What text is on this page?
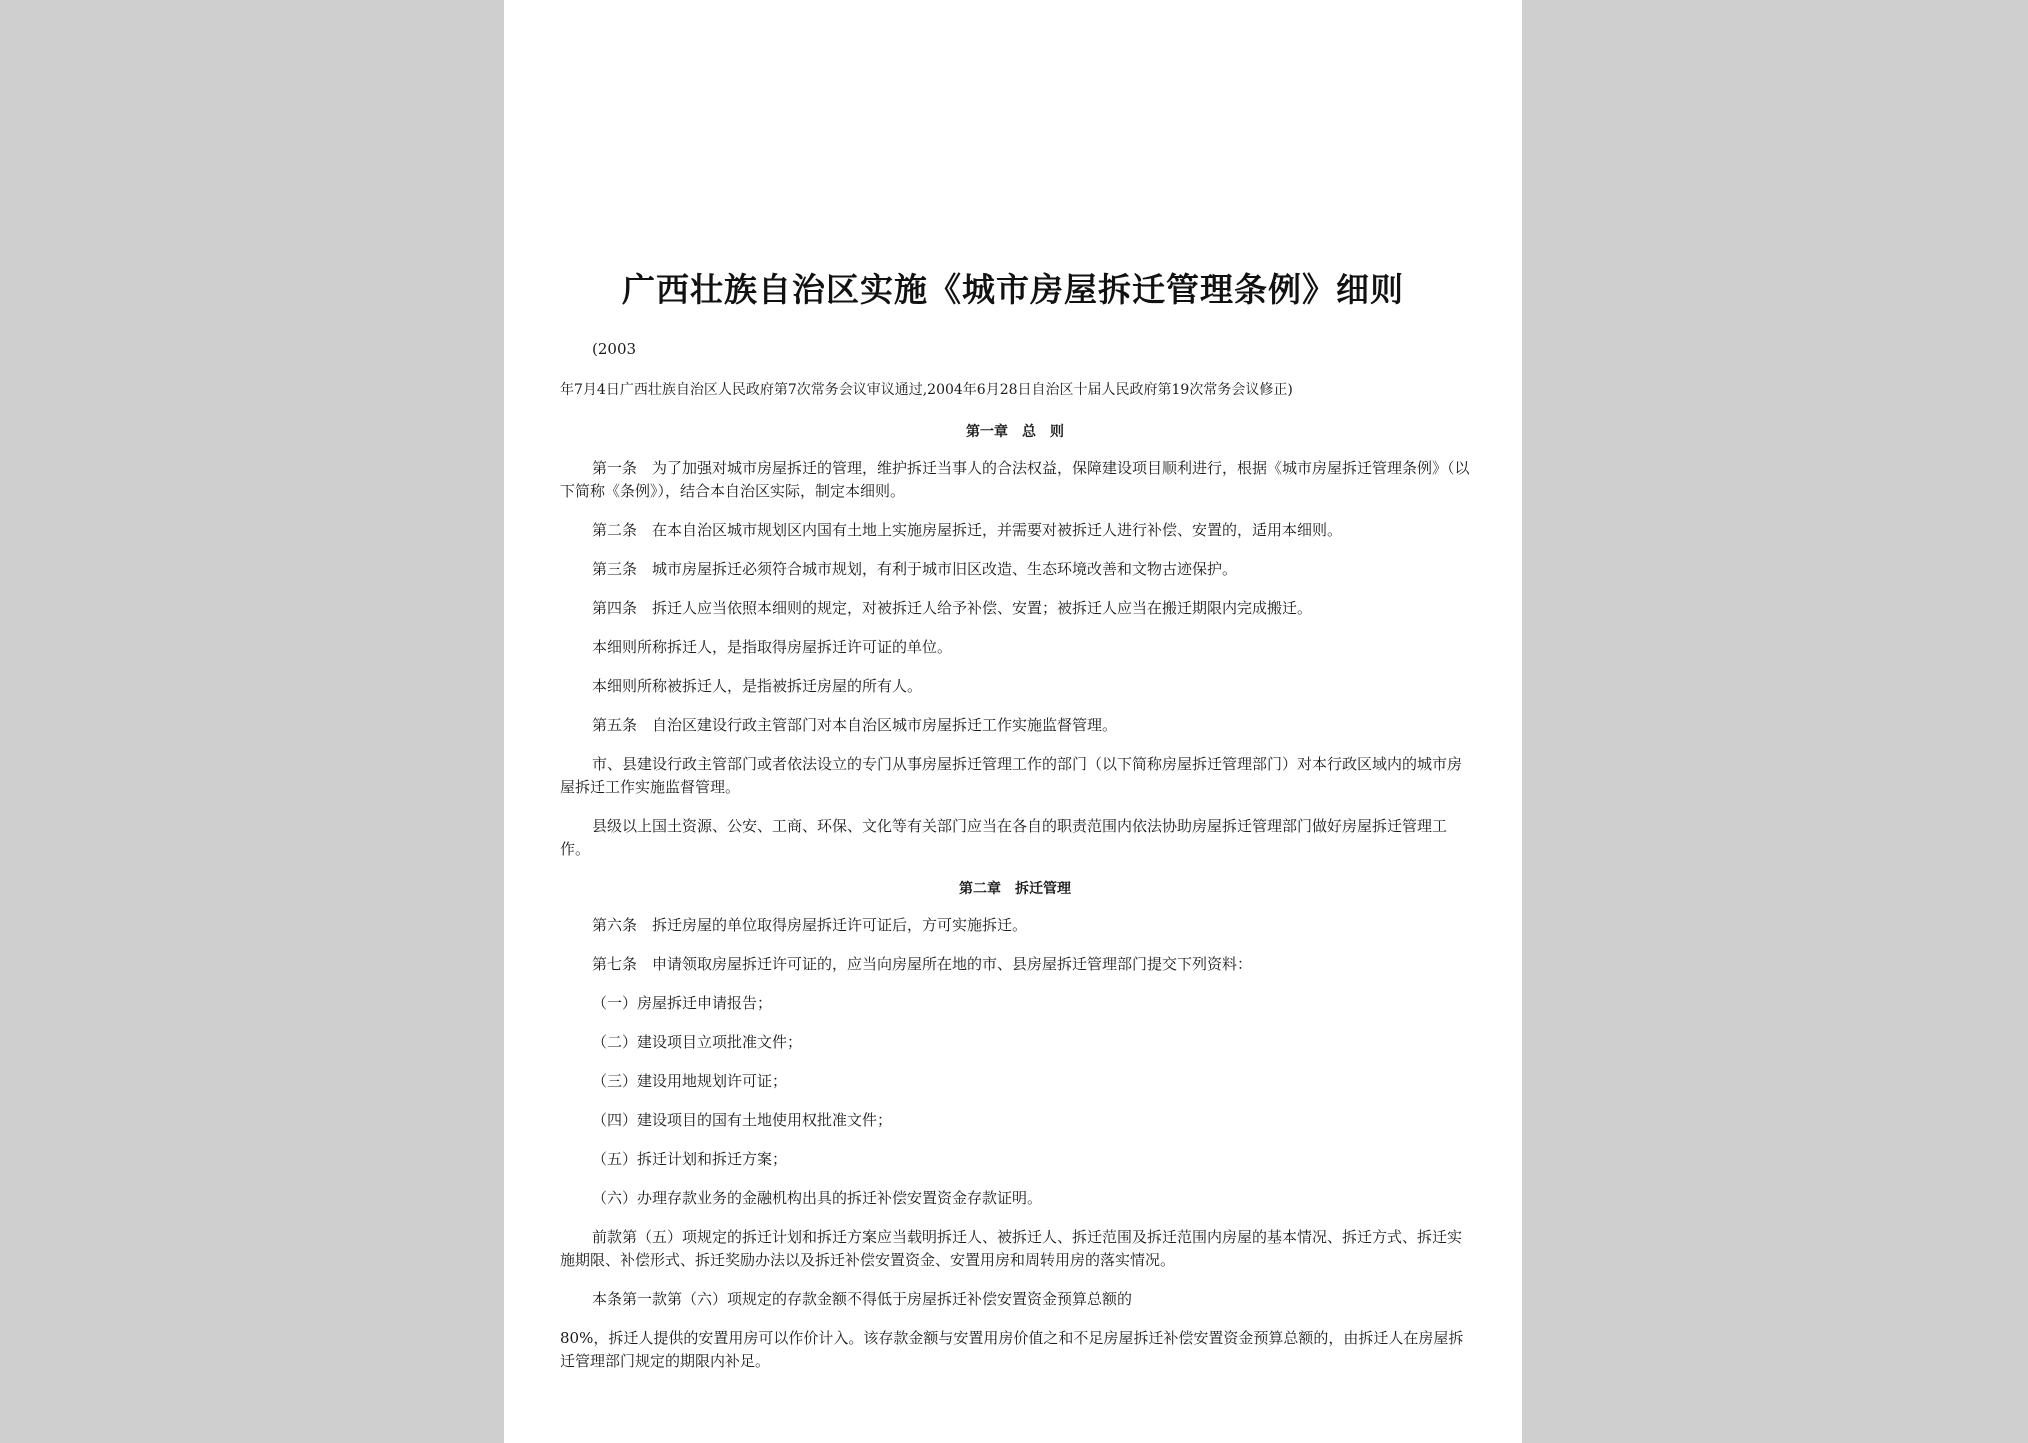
广西壮族自治区实施《城市房屋拆迁管理条例》细则
(2003
年7月4日广西壮族自治区人民政府第7次常务会议审议通过,2004年6月28日自治区十届人民政府第19次常务会议修正)
第一章　总　则
第一条　为了加强对城市房屋拆迁的管理，维护拆迁当事人的合法权益，保障建设项目顺利进行，根据《城市房屋拆迁管理条例》（以下简称《条例》），结合本自治区实际，制定本细则。
第二条　在本自治区城市规划区内国有土地上实施房屋拆迁，并需要对被拆迁人进行补偿、安置的，适用本细则。
第三条　城市房屋拆迁必须符合城市规划，有利于城市旧区改造、生态环境改善和文物古迹保护。
第四条　拆迁人应当依照本细则的规定，对被拆迁人给予补偿、安置；被拆迁人应当在搬迁期限内完成搬迁。
本细则所称拆迁人，是指取得房屋拆迁许可证的单位。
本细则所称被拆迁人，是指被拆迁房屋的所有人。
第五条　自治区建设行政主管部门对本自治区城市房屋拆迁工作实施监督管理。
市、县建设行政主管部门或者依法设立的专门从事房屋拆迁管理工作的部门（以下简称房屋拆迁管理部门）对本行政区域内的城市房屋拆迁工作实施监督管理。
县级以上国土资源、公安、工商、环保、文化等有关部门应当在各自的职责范围内依法协助房屋拆迁管理部门做好房屋拆迁管理工作。
第二章　拆迁管理
第六条　拆迁房屋的单位取得房屋拆迁许可证后，方可实施拆迁。
第七条　申请领取房屋拆迁许可证的，应当向房屋所在地的市、县房屋拆迁管理部门提交下列资料：
（一）房屋拆迁申请报告；
（二）建设项目立项批准文件；
（三）建设用地规划许可证；
（四）建设项目的国有土地使用权批准文件；
（五）拆迁计划和拆迁方案；
（六）办理存款业务的金融机构出具的拆迁补偿安置资金存款证明。
前款第（五）项规定的拆迁计划和拆迁方案应当载明拆迁人、被拆迁人、拆迁范围及拆迁范围内房屋的基本情况、拆迁方式、拆迁实施期限、补偿形式、拆迁奖励办法以及拆迁补偿安置资金、安置用房和周转用房的落实情况。
本条第一款第（六）项规定的存款金额不得低于房屋拆迁补偿安置资金预算总额的
80%，拆迁人提供的安置用房可以作价计入。该存款金额与安置用房价值之和不足房屋拆迁补偿安置资金预算总额的，由拆迁人在房屋拆迁管理部门规定的期限内补足。
